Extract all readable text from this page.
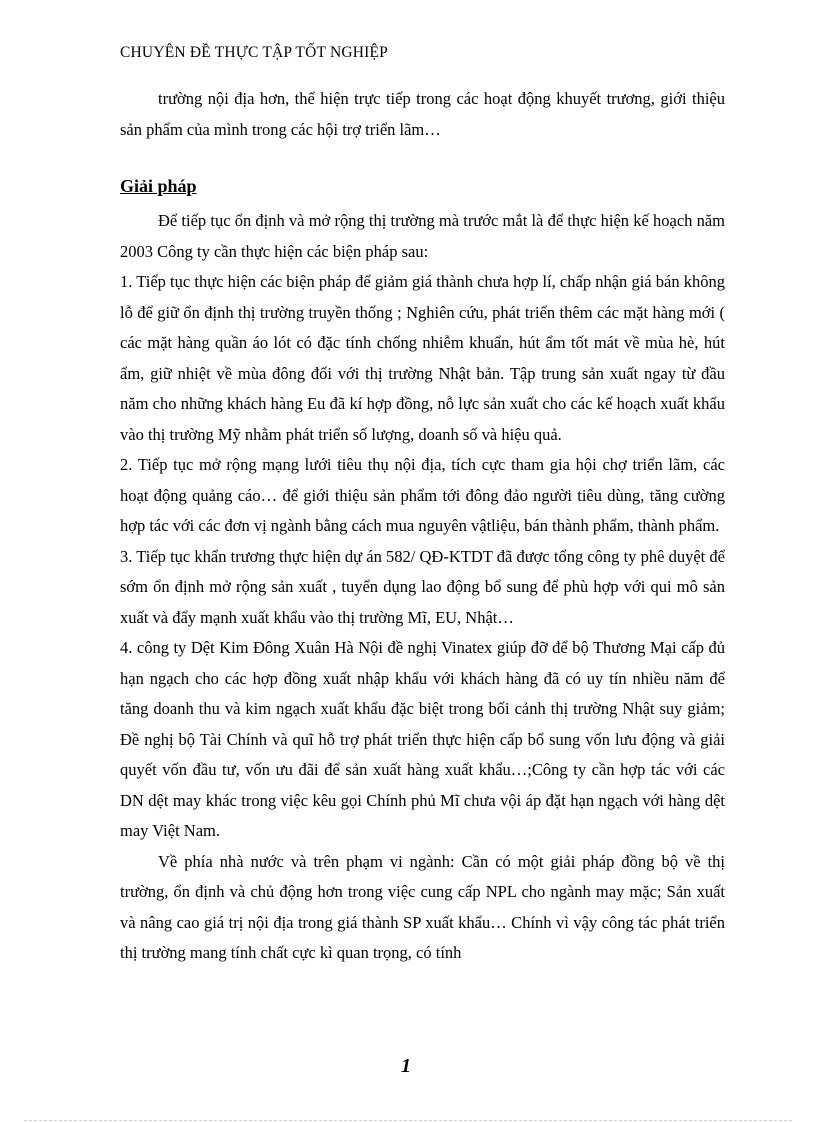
CHUYÊN ĐỀ THỰC TẬP TỐT NGHIỆP

trường nội địa hơn, thể hiện trực tiếp trong các hoạt động khuyết trương, giới thiệu sản phẩm của mình trong các hội trợ triển lãm…

Giải pháp

Để tiếp tục ổn định và mở rộng thị trường mà trước mắt là để thực hiện kế hoạch năm 2003 Công ty cần thực hiện các biện pháp sau:

1. Tiếp tục thực hiện các biện pháp để giảm giá thành chưa hợp lí, chấp nhận giá bán không lỗ để giữ ổn định thị trường truyền thống ; Nghiên cứu, phát triển thêm các mặt hàng mới ( các mặt hàng quần áo lót có đặc tính chống nhiễm khuẩn, hút ẩm tốt mát về mùa hè, hút ẩm, giữ nhiệt về mùa đông đối với thị trường Nhật bản. Tập trung sản xuất ngay từ đầu năm cho những khách hàng Eu đã kí hợp đồng, nỗ lực sản xuất cho các kế hoạch xuất khẩu vào thị trường Mỹ nhằm phát triển số lượng, doanh số và hiệu quả.

2. Tiếp tục mở rộng mạng lưới tiêu thụ nội địa, tích cực tham gia hội chợ triển lãm, các hoạt động quảng cáo… để giới thiệu sản phẩm tới đông đảo người tiêu dùng, tăng cường hợp tác với các đơn vị ngành bằng cách mua nguyên vậtliệu, bán thành phẩm, thành phẩm.

3. Tiếp tục khẩn trương thực hiện dự án 582/ QĐ-KTDT đã được tổng công ty phê duyệt để sớm ổn định mở rộng sản xuất , tuyển dụng lao động bổ sung để phù hợp với qui mô sản xuất và đẩy mạnh xuất khẩu vào thị trường Mĩ, EU, Nhật…

4. công ty Dệt Kim Đông Xuân Hà Nội đề nghị Vinatex giúp đỡ để bộ Thương Mại cấp đủ hạn ngạch cho các hợp đồng xuất nhập khẩu với khách hàng đã có uy tín nhiều năm để tăng doanh thu và kim ngạch xuất khẩu đặc biệt trong bối cảnh thị trường Nhật suy giảm; Đề nghị bộ Tài Chính và quĩ hỗ trợ phát triển thực hiện cấp bổ sung vốn lưu động và giải quyết vốn đầu tư, vốn ưu đãi để sản xuất hàng xuất khẩu…;Công ty cần hợp tác với các DN dệt may khác trong việc kêu gọi Chính phủ Mĩ chưa vội áp đặt hạn ngạch với hàng dệt may Việt Nam.

Về phía nhà nước và trên phạm vi ngành: Cần có một giải pháp đồng bộ về thị trường, ổn định và chủ động hơn trong việc cung cấp NPL cho ngành may mặc; Sản xuất và nâng cao giá trị nội địa trong giá thành SP xuất khẩu… Chính vì vậy công tác phát triển thị trường mang tính chất cực kì quan trọng, có tính

1
